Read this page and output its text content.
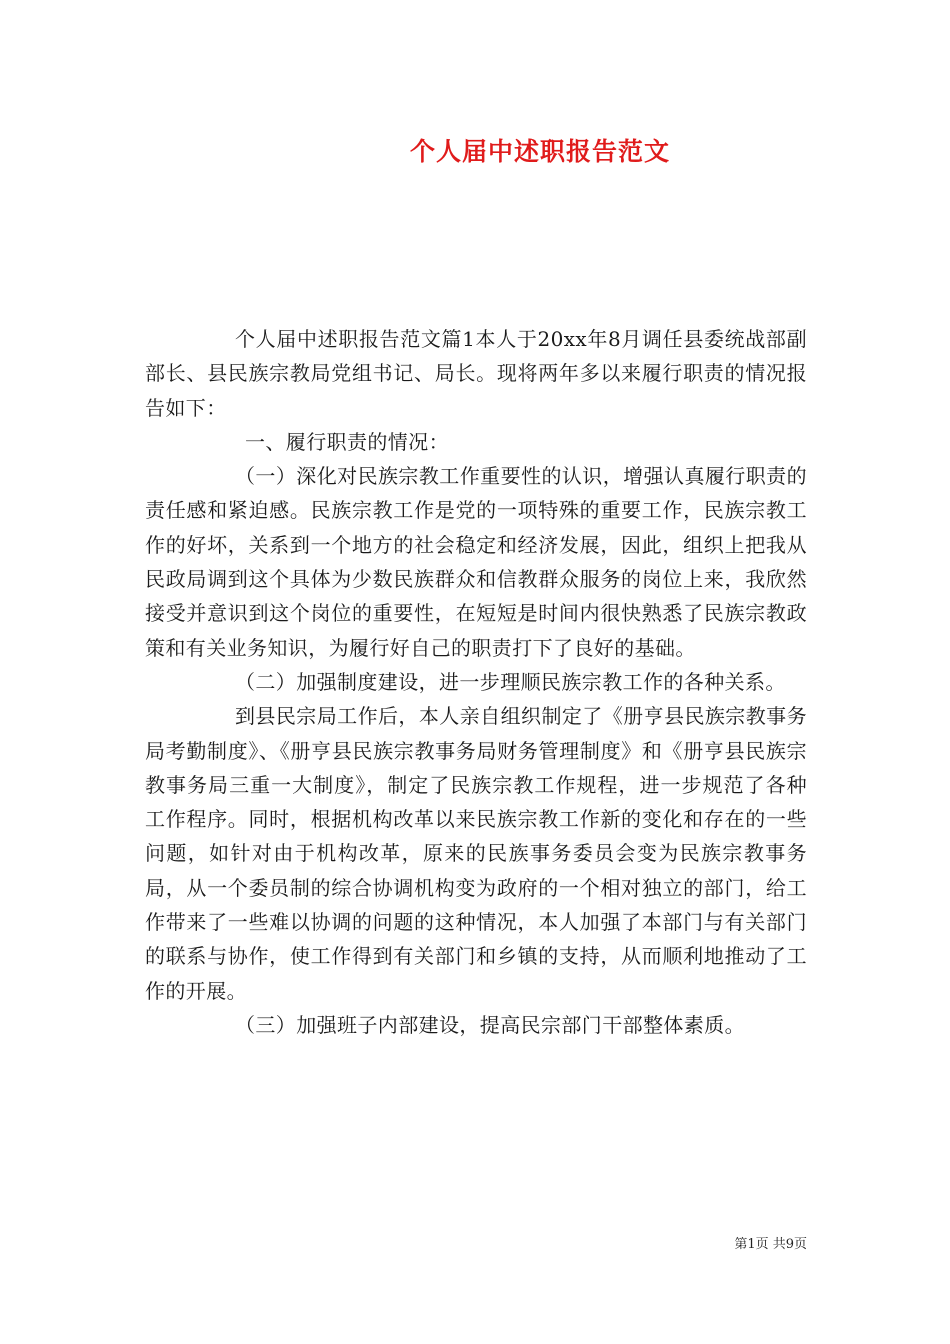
个人届中述职报告范文

个人届中述职报告范文篇1本人于20xx年8月调任县委统战部副部长、县民族宗教局党组书记、局长。现将两年多以来履行职责的情况报告如下：

一、履行职责的情况：

（一）深化对民族宗教工作重要性的认识，增强认真履行职责的责任感和紧迫感。民族宗教工作是党的一项特殊的重要工作，民族宗教工作的好坏，关系到一个地方的社会稳定和经济发展，因此，组织上把我从民政局调到这个具体为少数民族群众和信教群众服务的岗位上来，我欣然接受并意识到这个岗位的重要性，在短短是时间内很快熟悉了民族宗教政策和有关业务知识，为履行好自己的职责打下了良好的基础。

（二）加强制度建设，进一步理顺民族宗教工作的各种关系。

到县民宗局工作后，本人亲自组织制定了《册亨县民族宗教事务局考勤制度》、《册亨县民族宗教事务局财务管理制度》和《册亨县民族宗教事务局三重一大制度》，制定了民族宗教工作规程，进一步规范了各种工作程序。同时，根据机构改革以来民族宗教工作新的变化和存在的一些问题，如针对由于机构改革，原来的民族事务委员会变为民族宗教事务局，从一个委员制的综合协调机构变为政府的一个相对独立的部门，给工作带来了一些难以协调的问题的这种情况，本人加强了本部门与有关部门的联系与协作，使工作得到有关部门和乡镇的支持，从而顺利地推动了工作的开展。

（三）加强班子内部建设，提高民宗部门干部整体素质。

第1页 共9页
